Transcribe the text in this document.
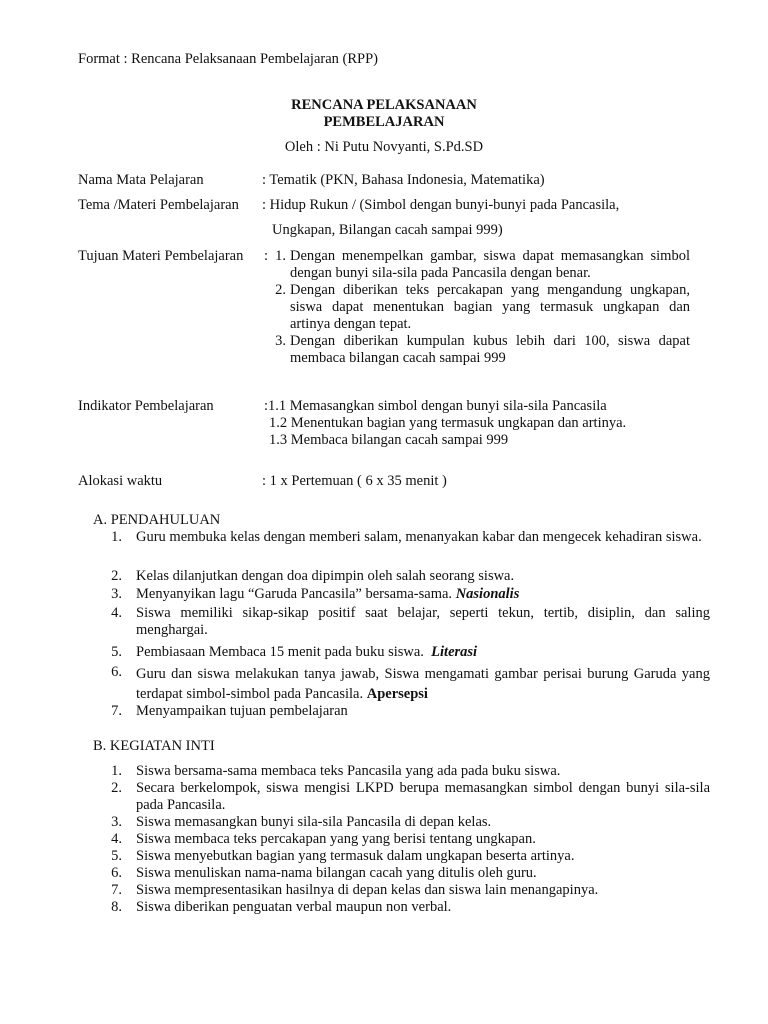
Format : Rencana Pelaksanaan Pembelajaran (RPP)
RENCANA PELAKSANAAN
PEMBELAJARAN
Oleh : Ni Putu Novyanti, S.Pd.SD
Nama Mata Pelajaran	: Tematik (PKN, Bahasa Indonesia, Matematika)
Tema /Materi Pembelajaran : Hidup Rukun / (Simbol dengan bunyi-bunyi pada Pancasila,
Ungkapan, Bilangan cacah sampai 999)
Tujuan Materi Pembelajaran : 1. Dengan menempelkan gambar, siswa dapat memasangkan simbol dengan bunyi sila-sila pada Pancasila dengan benar.
2. Dengan diberikan teks percakapan yang mengandung ungkapan, siswa dapat menentukan bagian yang termasuk ungkapan dan artinya dengan tepat.
3. Dengan diberikan kumpulan kubus lebih dari 100, siswa dapat membaca bilangan cacah sampai 999
Indikator Pembelajaran	:1.1 Memasangkan simbol dengan bunyi sila-sila Pancasila
1.2 Menentukan bagian yang termasuk ungkapan dan artinya.
1.3 Membaca bilangan cacah sampai 999
Alokasi waktu	: 1 x Pertemuan ( 6 x 35 menit )
A. PENDAHULUAN
1. Guru membuka kelas dengan memberi salam, menanyakan kabar dan mengecek kehadiran siswa.
2. Kelas dilanjutkan dengan doa dipimpin oleh salah seorang siswa.
3. Menyanyikan lagu “Garuda Pancasila” bersama-sama. Nasionalis
4. Siswa memiliki sikap-sikap positif saat belajar, seperti tekun, tertib, disiplin, dan saling menghargai.
5. Pembiasaan Membaca 15 menit pada buku siswa. Literasi
6. Guru dan siswa melakukan tanya jawab, Siswa mengamati gambar perisai burung Garuda yang terdapat simbol-simbol pada Pancasila. Apersepsi
7. Menyampaikan tujuan pembelajaran
B. KEGIATAN INTI
1. Siswa bersama-sama membaca teks Pancasila yang ada pada buku siswa.
2. Secara berkelompok, siswa mengisi LKPD berupa memasangkan simbol dengan bunyi sila-sila pada Pancasila.
3. Siswa memasangkan bunyi sila-sila Pancasila di depan kelas.
4. Siswa membaca teks percakapan yang yang berisi tentang ungkapan.
5. Siswa menyebutkan bagian yang termasuk dalam ungkapan beserta artinya.
6. Siswa menuliskan nama-nama bilangan cacah yang ditulis oleh guru.
7. Siswa mempresentasikan hasilnya di depan kelas dan siswa lain menangapinya.
8. Siswa diberikan penguatan verbal maupun non verbal.
